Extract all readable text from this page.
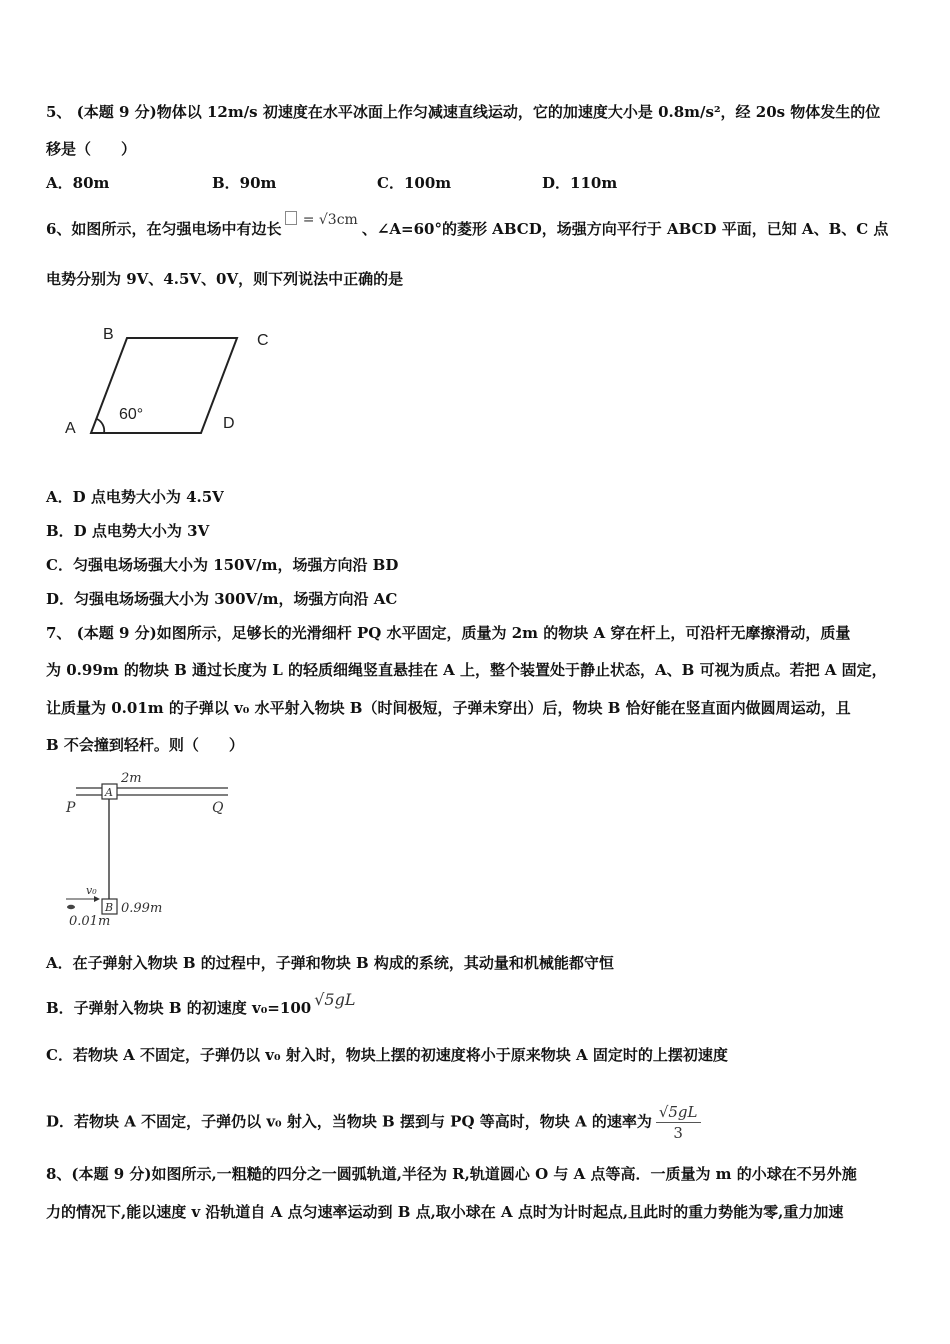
5、 (本题 9 分)物体以 12m/s 初速度在水平冰面上作匀减速直线运动，它的加速度大小是 0.8m/s²，经 20s 物体发生的位
移是（　　）
A．80m	B．90m	C．100m	D．110m
6、如图所示，在匀强电场中有边长 = √3cm 、∠A=60°的菱形 ABCD，场强方向平行于 ABCD 平面，已知 A、B、C 点
电势分别为 9V、4.5V、0V，则下列说法中正确的是
B	C
A	D
60°
A．D 点电势大小为 4.5V
B．D 点电势大小为 3V
C．匀强电场场强大小为 150V/m，场强方向沿 BD
D．匀强电场场强大小为 300V/m，场强方向沿 AC
7、 (本题 9 分)如图所示，足够长的光滑细杆 PQ 水平固定，质量为 2m 的物块 A 穿在杆上，可沿杆无摩擦滑动，质量
为 0.99m 的物块 B 通过长度为 L 的轻质细绳竖直悬挂在 A 上，整个装置处于静止状态，A、B 可视为质点。若把 A 固定，
让质量为 0.01m 的子弹以 v₀ 水平射入物块 B（时间极短，子弹未穿出）后，物块 B 恰好能在竖直面内做圆周运动，且
B 不会撞到轻杆。则（　　）
A
2m
P	Q
B 0.99m
v₀
0.01m
A．在子弹射入物块 B 的过程中，子弹和物块 B 构成的系统，其动量和机械能都守恒
B．子弹射入物块 B 的初速度 v₀=100 √5gL
C．若物块 A 不固定，子弹仍以 v₀ 射入时，物块上摆的初速度将小于原来物块 A 固定时的上摆初速度
D．若物块 A 不固定，子弹仍以 v₀ 射入，当物块 B 摆到与 PQ 等高时，物块 A 的速率为 $\frac{√5gL}{3}$
8、(本题 9 分)如图所示,一粗糙的四分之一圆弧轨道,半径为 R,轨道圆心 O 与 A 点等高．一质量为 m 的小球在不另外施
力的情况下,能以速度 v 沿轨道自 A 点匀速率运动到 B 点,取小球在 A 点时为计时起点,且此时的重力势能为零,重力加速
